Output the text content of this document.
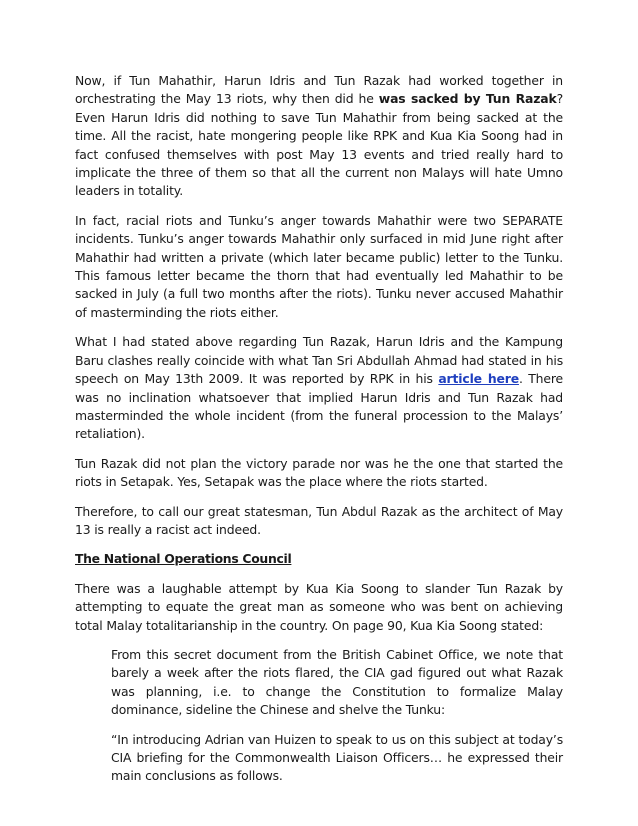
Now, if Tun Mahathir, Harun Idris and Tun Razak had worked together in orchestrating the May 13 riots, why then did he was sacked by Tun Razak? Even Harun Idris did nothing to save Tun Mahathir from being sacked at the time. All the racist, hate mongering people like RPK and Kua Kia Soong had in fact confused themselves with post May 13 events and tried really hard to implicate the three of them so that all the current non Malays will hate Umno leaders in totality.

In fact, racial riots and Tunku’s anger towards Mahathir were two SEPARATE incidents. Tunku’s anger towards Mahathir only surfaced in mid June right after Mahathir had written a private (which later became public) letter to the Tunku. This famous letter became the thorn that had eventually led Mahathir to be sacked in July (a full two months after the riots). Tunku never accused Mahathir of masterminding the riots either.

What I had stated above regarding Tun Razak, Harun Idris and the Kampung Baru clashes really coincide with what Tan Sri Abdullah Ahmad had stated in his speech on May 13th 2009. It was reported by RPK in his article here. There was no inclination whatsoever that implied Harun Idris and Tun Razak had masterminded the whole incident (from the funeral procession to the Malays’ retaliation).

Tun Razak did not plan the victory parade nor was he the one that started the riots in Setapak. Yes, Setapak was the place where the riots started.

Therefore, to call our great statesman, Tun Abdul Razak as the architect of May 13 is really a racist act indeed.

The National Operations Council

There was a laughable attempt by Kua Kia Soong to slander Tun Razak by attempting to equate the great man as someone who was bent on achieving total Malay totalitarianship in the country. On page 90, Kua Kia Soong stated:

From this secret document from the British Cabinet Office, we note that barely a week after the riots flared, the CIA gad figured out what Razak was planning, i.e. to change the Constitution to formalize Malay dominance, sideline the Chinese and shelve the Tunku:

“In introducing Adrian van Huizen to speak to us on this subject at today’s CIA briefing for the Commonwealth Liaison Officers… he expressed their main conclusions as follows.
